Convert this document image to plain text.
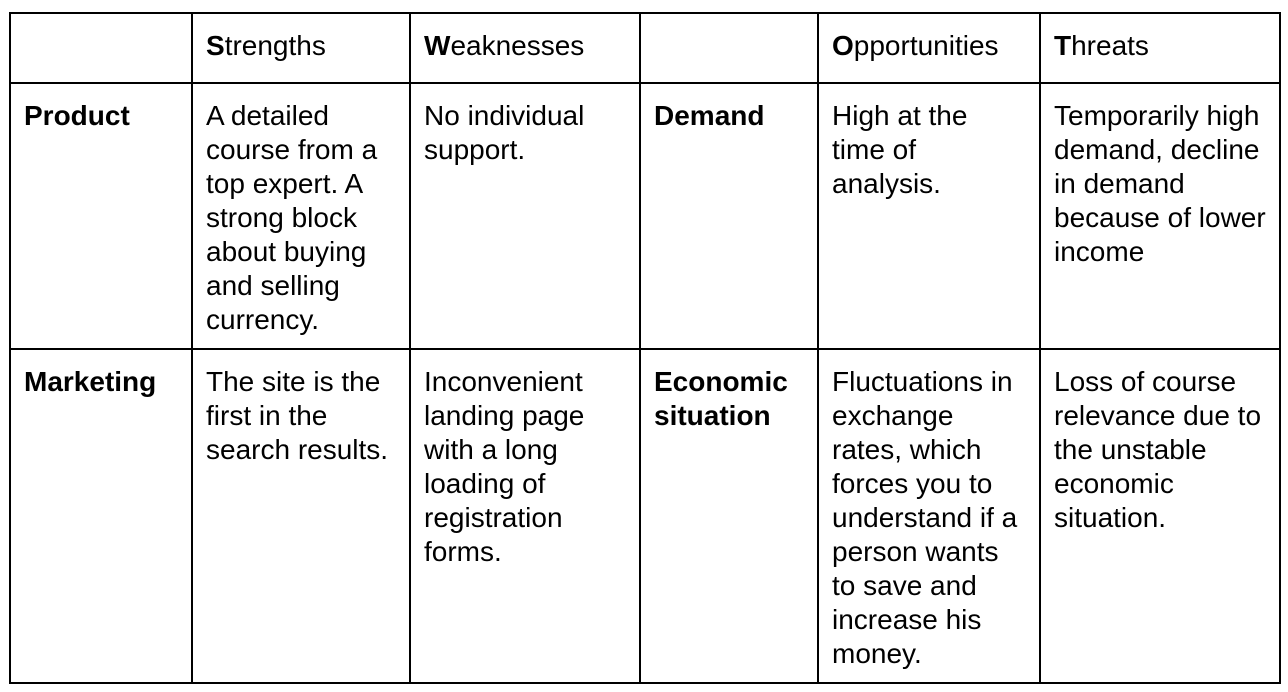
	Strengths	Weaknesses		Opportunities	Threats
Product	A detailed course from a top expert. A strong block about buying and selling currency.	No individual support.	Demand	High at the time of analysis.	Temporarily high demand, decline in demand because of lower income
Marketing	The site is the first in the search results.	Inconvenient landing page with a long loading of registration forms.	Economic situation	Fluctuations in exchange rates, which forces you to understand if a person wants to save and increase his money.	Loss of course relevance due to the unstable economic situation.
